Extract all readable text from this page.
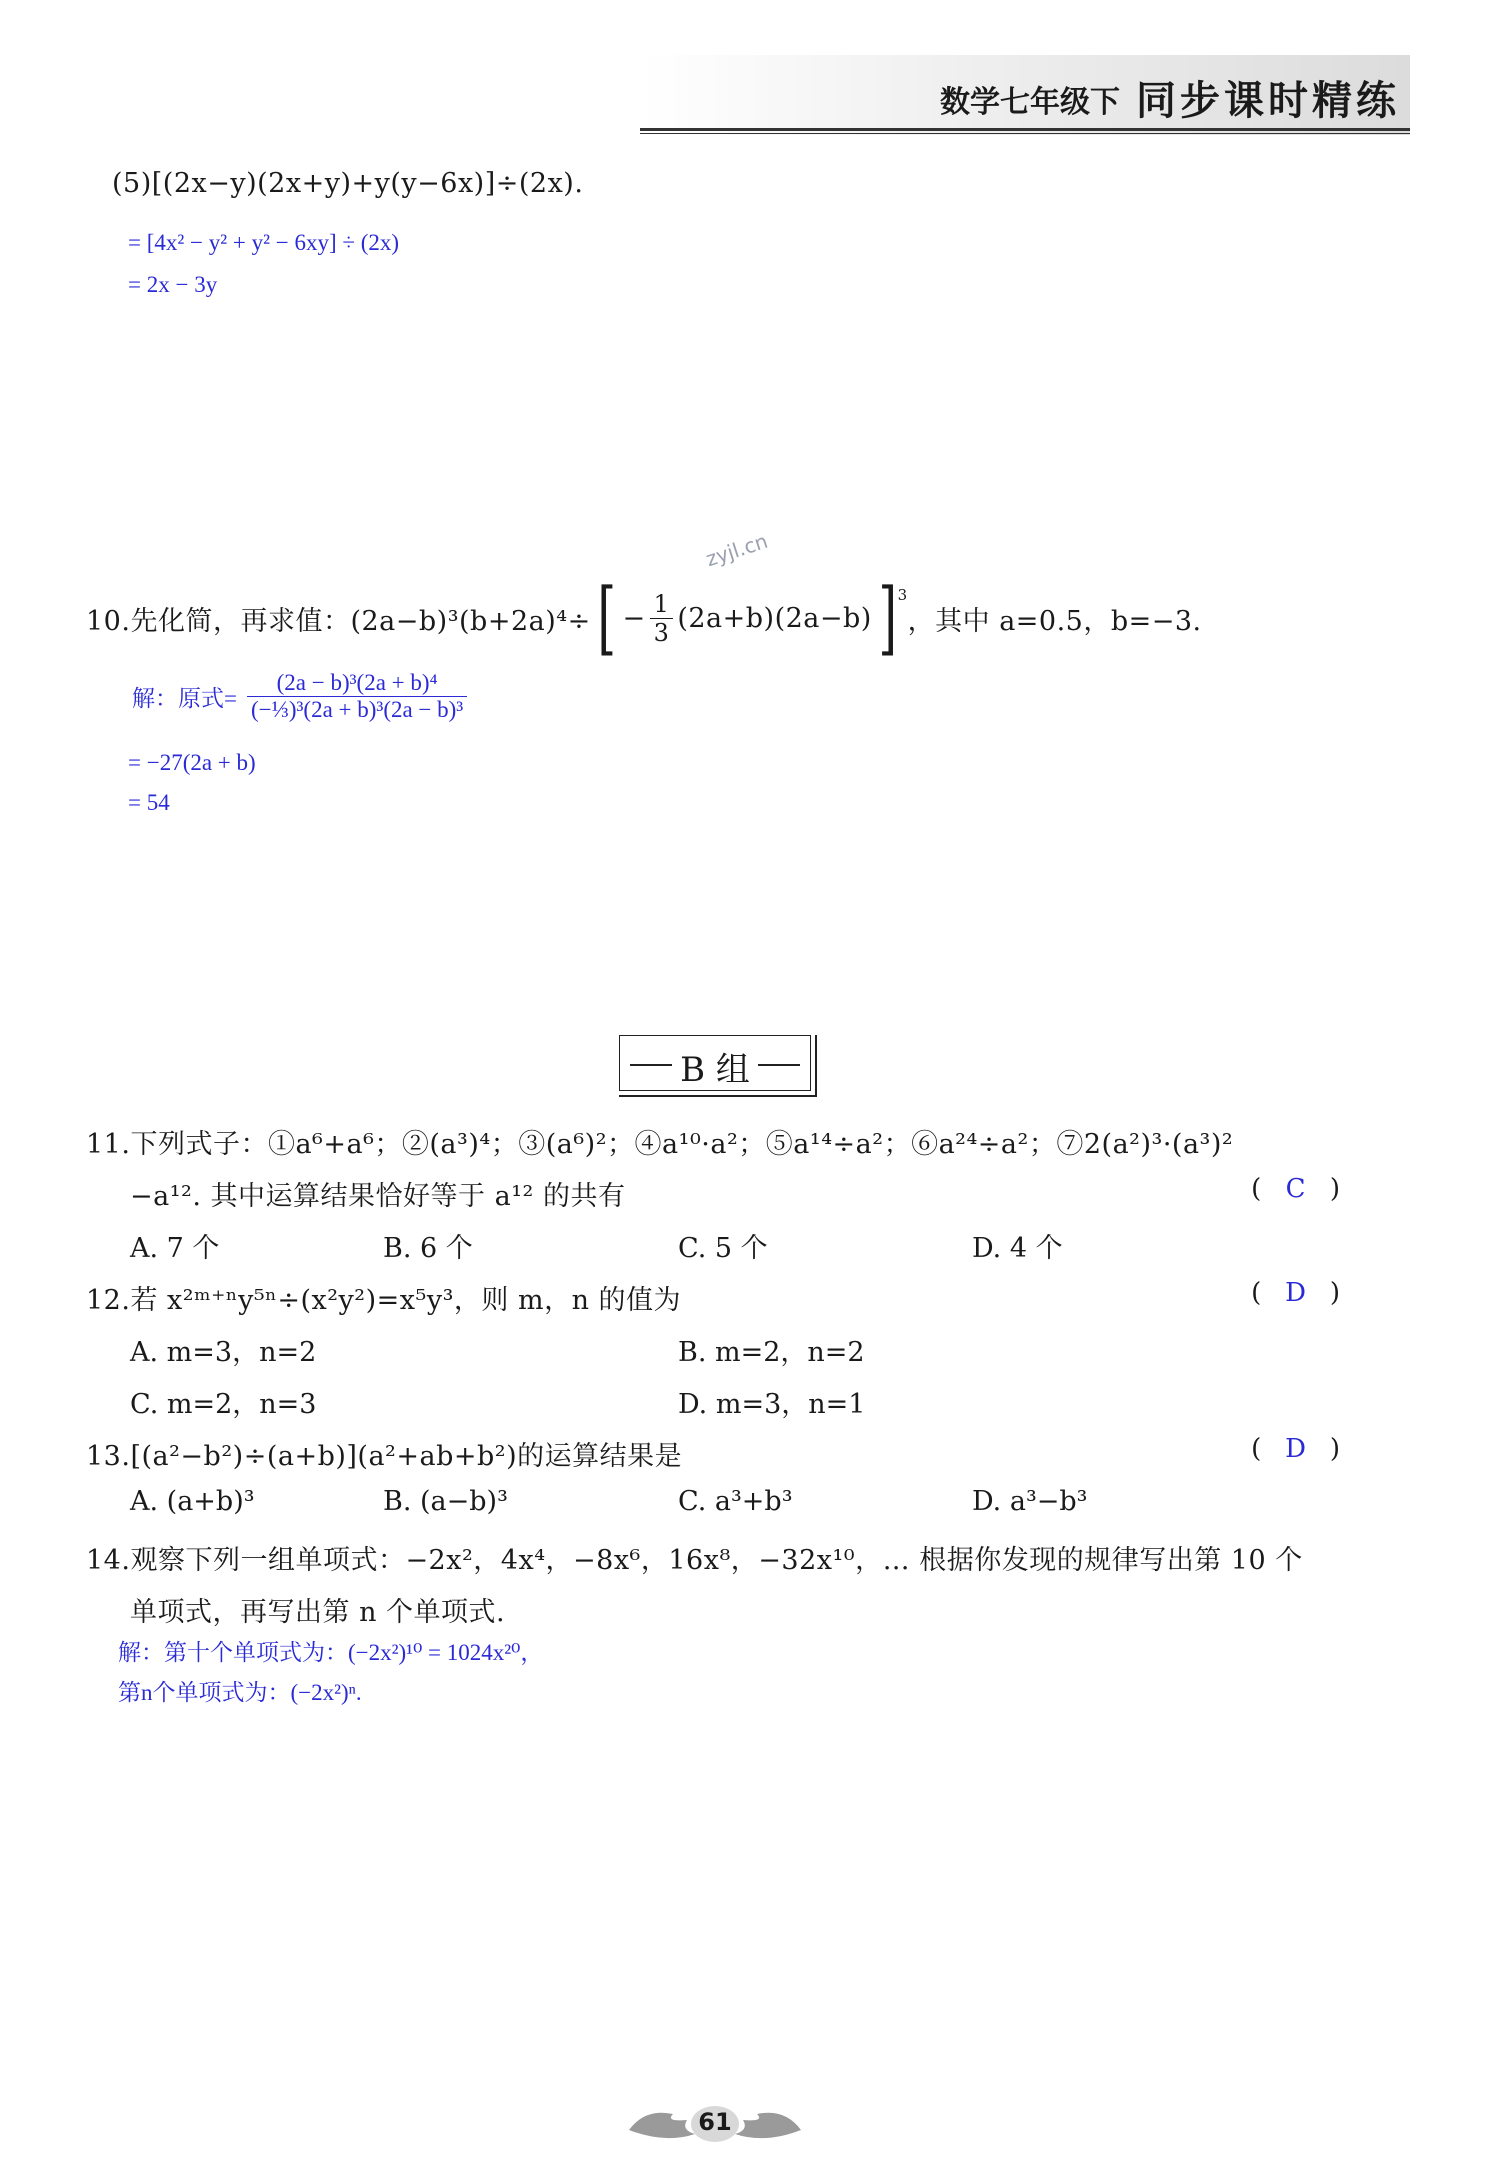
数学七年级下 同步课时精练
(5)[(2x−y)(2x+y)+y(y−6x)]÷(2x).
= [4x² − y² + y² − 6xy] ÷ (2x)
= 2x − 3y
zyjl.cn
10.先化简，再求值：(2a−b)³(b+2a)⁴÷ [ − $\frac{1}{3} (2a+b)(2a-b)$ ]$^3$
，其中 a=0.5，b=−3.
解：原式= $\frac{\text{(2a − b)³(2a + b)⁴}}{\text{(−⅓)³(2a + b)³(2a − b)³}}$
= −27(2a + b)
= 54
B 组
11.下列式子：①a⁶+a⁶；②(a³)⁴；③(a⁶)²；④a¹⁰·a²；⑤a¹⁴÷a²；⑥a²⁴÷a²；⑦2(a²)³·(a³)²
−a¹². 其中运算结果恰好等于 a¹² 的共有	( C )
A. 7 个	B. 6 个	C. 5 个	D. 4 个
12.若 x²ᵐ⁺ⁿy⁵ⁿ÷(x²y²)=x⁵y³，则 m，n 的值为	( D )
A. m=3，n=2	B. m=2，n=2
C. m=2，n=3	D. m=3，n=1
13.[(a²−b²)÷(a+b)](a²+ab+b²)的运算结果是	( D )
A. (a+b)³	B. (a−b)³	C. a³+b³	D. a³−b³
14.观察下列一组单项式：−2x²，4x⁴，−8x⁶，16x⁸，−32x¹⁰，… 根据你发现的规律写出第 10 个
单项式，再写出第 n 个单项式.
解：第十个单项式为：(−2x²)¹⁰ = 1024x²⁰，
第n个单项式为：(−2x²)ⁿ.
61
